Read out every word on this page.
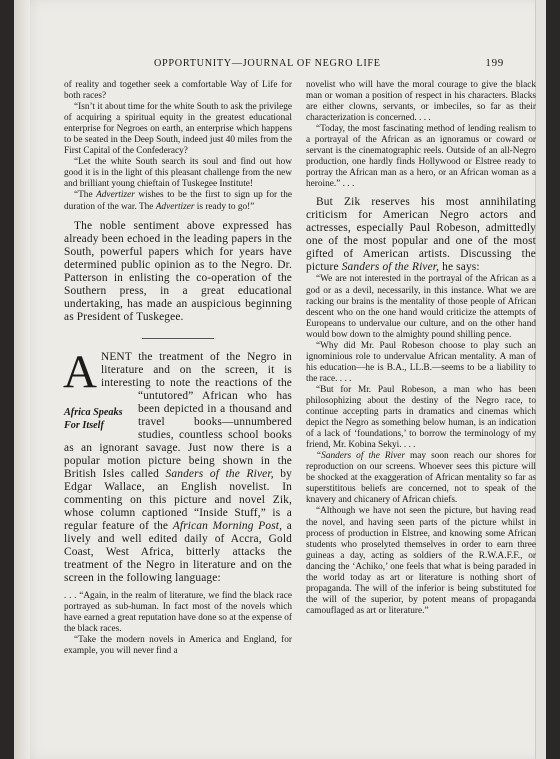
OPPORTUNITY—JOURNAL OF NEGRO LIFE	199

of reality and together seek a comfortable Way of Life for both races?

“Isn’t it about time for the white South to ask the privilege of acquiring a spiritual equity in the greatest educational enterprise for Negroes on earth, an enterprise which happens to be seated in the Deep South, indeed just 40 miles from the First Capital of the Confederacy?

“Let the white South search its soul and find out how good it is in the light of this pleasant challenge from the new and brilliant young chieftain of Tuskegee Institute!

“The Advertizer wishes to be the first to sign up for the duration of the war. The Advertizer is ready to go!”

The noble sentiment above expressed has already been echoed in the leading papers in the South, powerful papers which for years have determined public opinion as to the Negro. Dr. Patterson in enlisting the co-operation of the Southern press, in a great educational undertaking, has made an auspicious beginning as President of Tuskegee.

A
Africa Speaks
For Itself

NENT the treatment of the Negro in literature and on the screen, it is interesting to note the reactions of the “untutored” African who has been depicted in a thousand and travel books—unnumbered studies, countless school books as an ignorant savage. Just now there is a popular motion picture being shown in the British Isles called Sanders of the River, by Edgar Wallace, an English novelist. In commenting on this picture and novel Zik, whose column captioned “Inside Stuff,” is a regular feature of the African Morning Post, a lively and well edited daily of Accra, Gold Coast, West Africa, bitterly attacks the treatment of the Negro in literature and on the screen in the following language:

. . . “Again, in the realm of literature, we find the black race portrayed as sub-human. In fact most of the novels which have earned a great reputation have done so at the expense of the black races.

“Take the modern novels in America and England, for example, you will never find a

novelist who will have the moral courage to give the black man or woman a position of respect in his characters. Blacks are either clowns, servants, or imbeciles, so far as their characterization is concerned. . . .

“Today, the most fascinating method of lending realism to a portrayal of the African as an ignoramus or coward or servant is the cinematographic reels. Outside of an all-Negro production, one hardly finds Hollywood or Elstree ready to portray the African man as a hero, or an African woman as a heroine.” . . .

But Zik reserves his most annihilating criticism for American Negro actors and actresses, especially Paul Robeson, admittedly one of the most popular and one of the most gifted of American artists. Discussing the picture Sanders of the River, he says:

“We are not interested in the portrayal of the African as a god or as a devil, necessarily, in this instance. What we are racking our brains is the mentality of those people of African descent who on the one hand would criticize the attempts of Europeans to undervalue our culture, and on the other hand would bow down to the almighty pound shilling pence.

“Why did Mr. Paul Robeson choose to play such an ignominious role to undervalue African mentality. A man of his education—he is B.A., LL.B.—seems to be a liability to the race. . . .

“But for Mr. Paul Robeson, a man who has been philosophizing about the destiny of the Negro race, to continue accepting parts in dramatics and cinemas which depict the Negro as something below human, is an indication of a lack of ‘foundations,’ to borrow the terminology of my friend, Mr. Kobina Sekyi. . . .

“Sanders of the River may soon reach our shores for reproduction on our screens. Whoever sees this picture will be shocked at the exaggeration of African mentality so far as superstititous beliefs are concerned, not to speak of the knavery and chicanery of African chiefs.

“Although we have not seen the picture, but having read the novel, and having seen parts of the picture whilst in process of production in Elstree, and knowing some African students who proselyted themselves in order to earn three guineas a day, acting as soldiers of the R.W.A.F.F., or dancing the ‘Achiko,’ one feels that what is being paraded in the world today as art or literature is nothing short of propaganda. The will of the inferior is being substituted for the will of the superior, by potent means of propaganda camouflaged as art or literature.”
